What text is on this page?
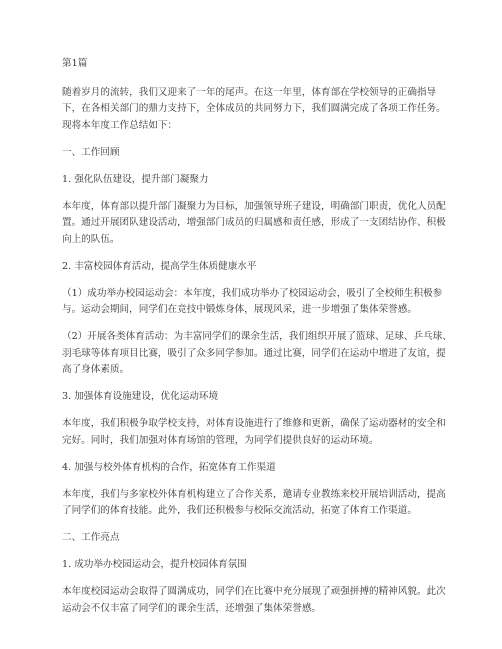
第1篇

随着岁月的流转，我们又迎来了一年的尾声。在这一年里，体育部在学校领导的正确指导下，在各相关部门的鼎力支持下，全体成员的共同努力下，我们圆满完成了各项工作任务。现将本年度工作总结如下：

一、工作回顾

1. 强化队伍建设，提升部门凝聚力

本年度，体育部以提升部门凝聚力为目标，加强领导班子建设，明确部门职责，优化人员配置。通过开展团队建设活动，增强部门成员的归属感和责任感，形成了一支团结协作、积极向上的队伍。

2. 丰富校园体育活动，提高学生体质健康水平

（1）成功举办校园运动会：本年度，我们成功举办了校园运动会，吸引了全校师生积极参与。运动会期间，同学们在竞技中锻炼身体，展现风采，进一步增强了集体荣誉感。

（2）开展各类体育活动：为丰富同学们的课余生活，我们组织开展了篮球、足球、乒乓球、羽毛球等体育项目比赛，吸引了众多同学参加。通过比赛，同学们在运动中增进了友谊，提高了身体素质。

3. 加强体育设施建设，优化运动环境

本年度，我们积极争取学校支持，对体育设施进行了维修和更新，确保了运动器材的安全和完好。同时，我们加强对体育场馆的管理，为同学们提供良好的运动环境。

4. 加强与校外体育机构的合作，拓宽体育工作渠道

本年度，我们与多家校外体育机构建立了合作关系，邀请专业教练来校开展培训活动，提高了同学们的体育技能。此外，我们还积极参与校际交流活动，拓宽了体育工作渠道。

二、工作亮点

1. 成功举办校园运动会，提升校园体育氛围

本年度校园运动会取得了圆满成功，同学们在比赛中充分展现了顽强拼搏的精神风貌。此次运动会不仅丰富了同学们的课余生活，还增强了集体荣誉感。
